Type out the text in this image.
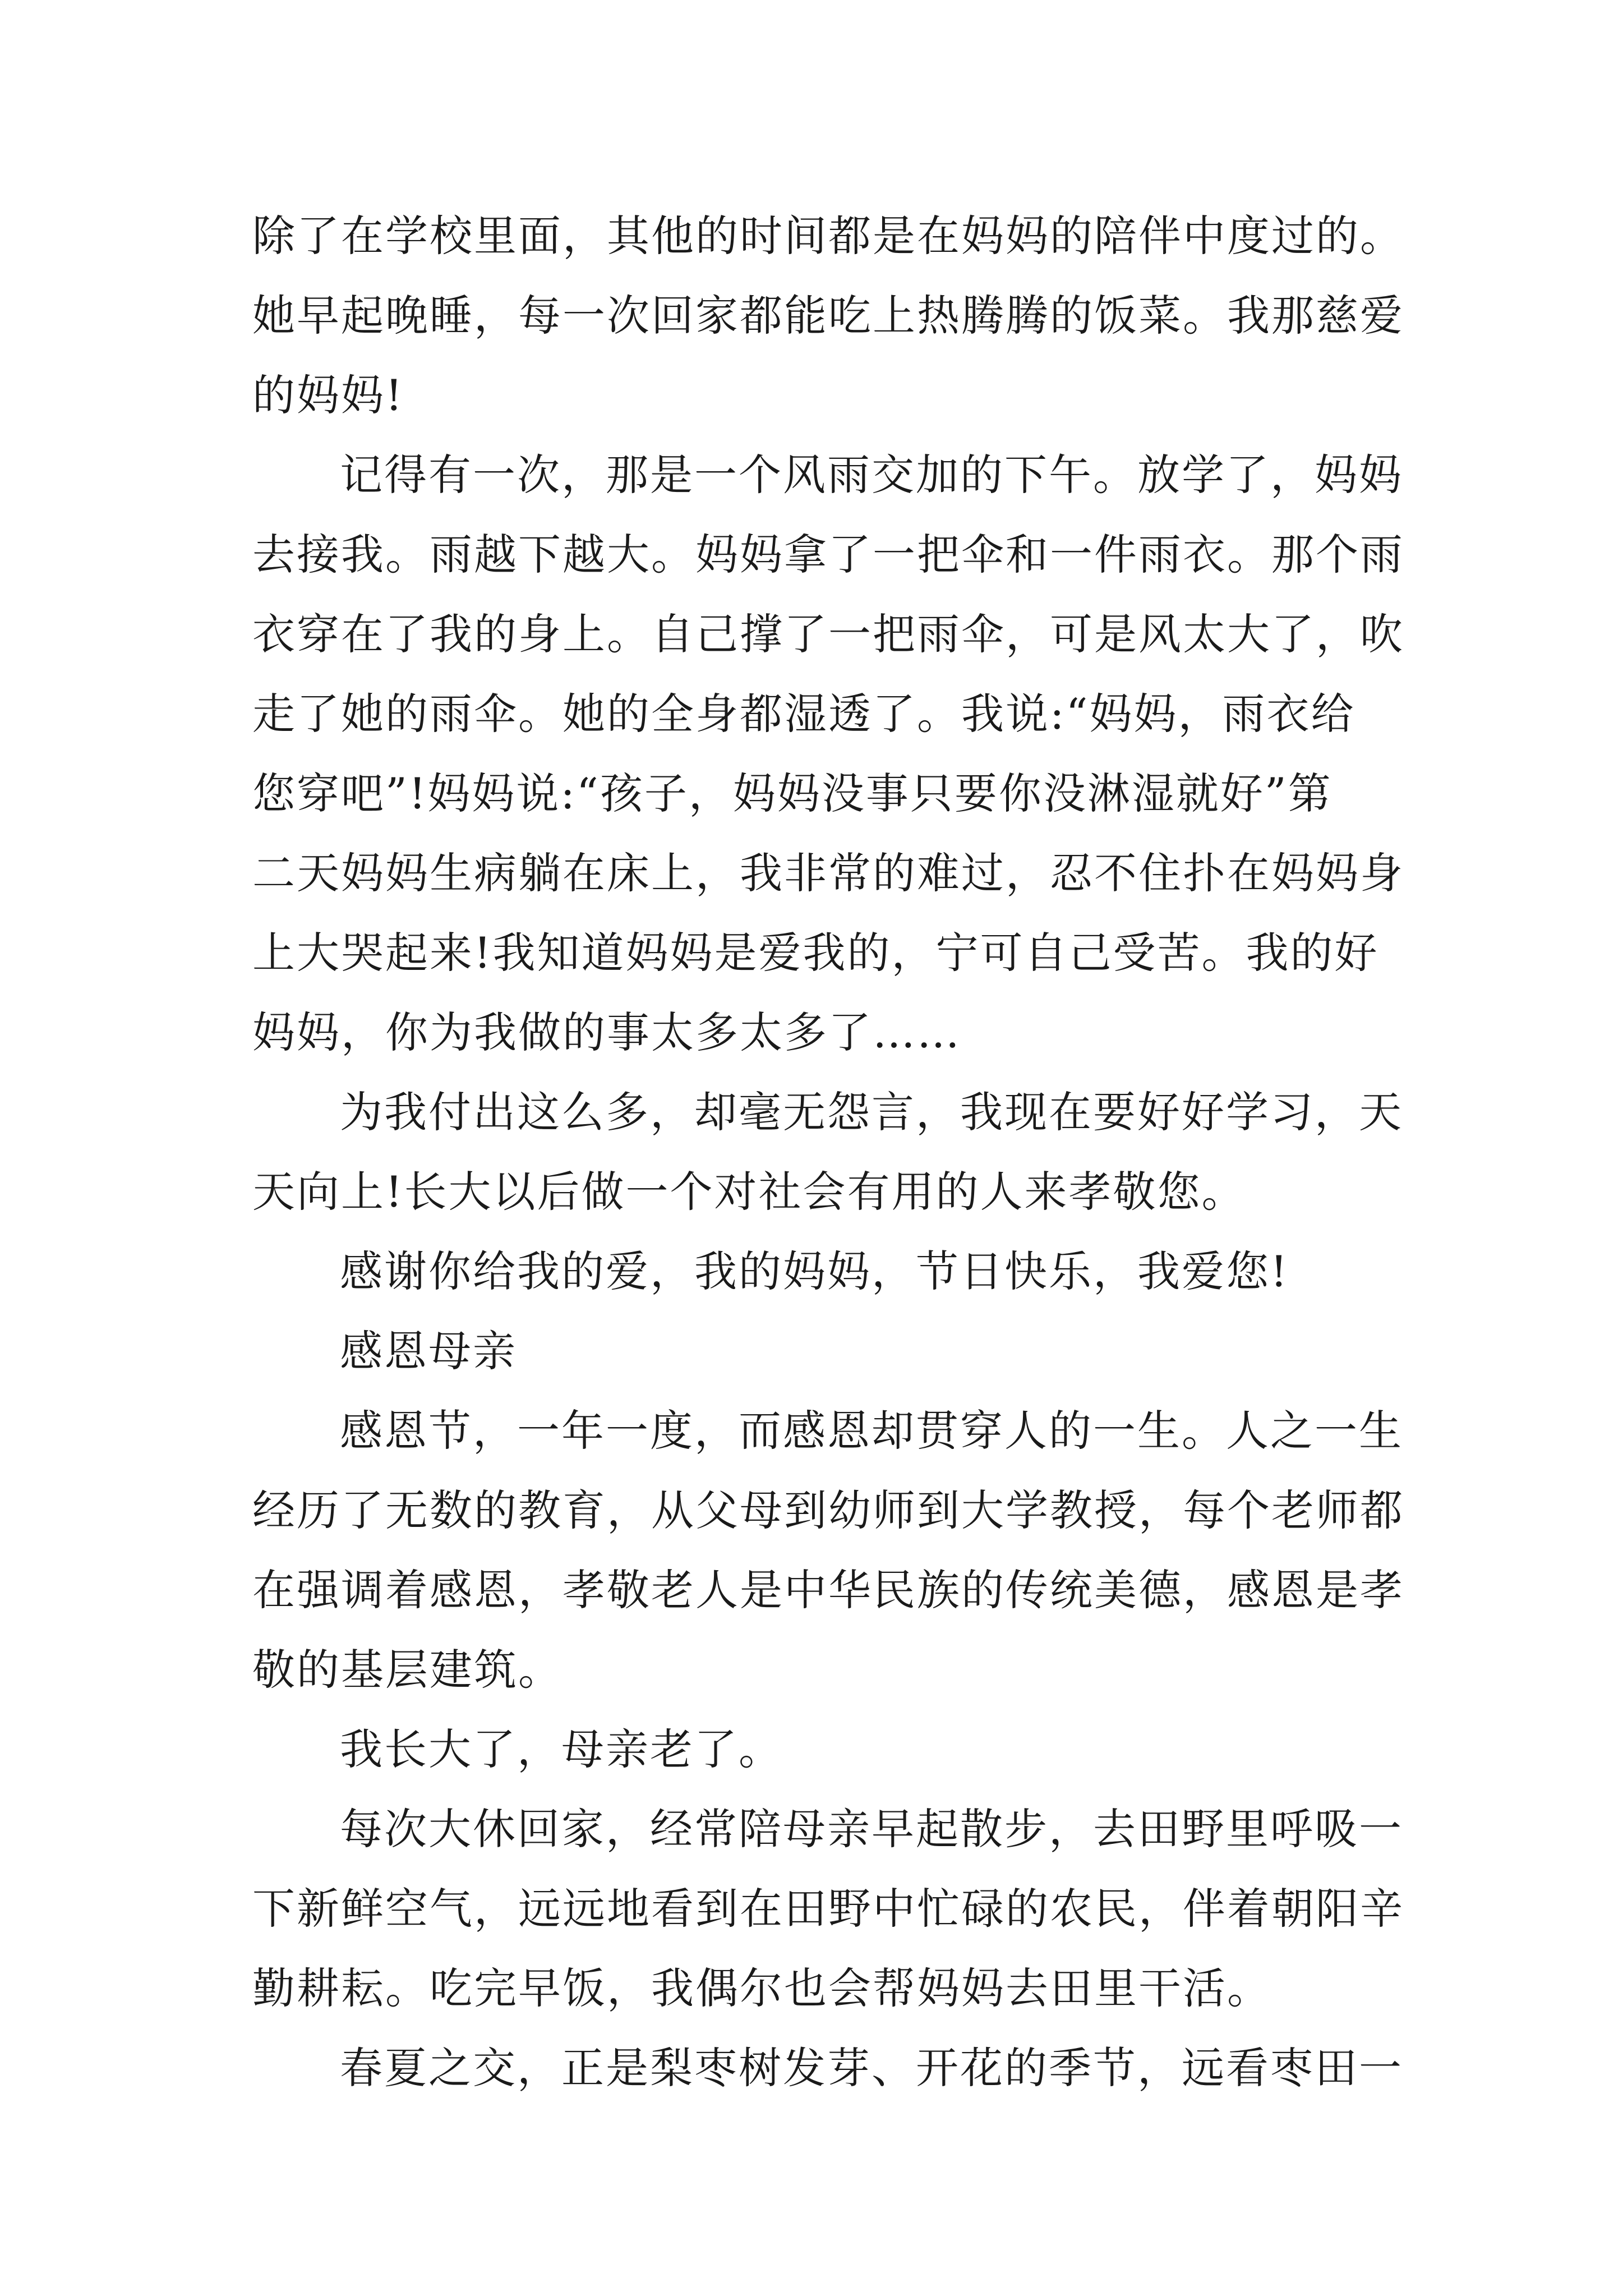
除了在学校里面，其他的时间都是在妈妈的陪伴中度过的。
她早起晚睡，每一次回家都能吃上热腾腾的饭菜。我那慈爱
的妈妈!
记得有一次，那是一个风雨交加的下午。放学了，妈妈
去接我。雨越下越大。妈妈拿了一把伞和一件雨衣。那个雨
衣穿在了我的身上。自己撑了一把雨伞，可是风太大了，吹
走了她的雨伞。她的全身都湿透了。我说:“妈妈，雨衣给
您穿吧”!妈妈说:“孩子，妈妈没事只要你没淋湿就好”第
二天妈妈生病躺在床上，我非常的难过，忍不住扑在妈妈身
上大哭起来!我知道妈妈是爱我的，宁可自己受苦。我的好
妈妈，你为我做的事太多太多了……
为我付出这么多，却毫无怨言，我现在要好好学习，天
天向上!长大以后做一个对社会有用的人来孝敬您。
感谢你给我的爱，我的妈妈，节日快乐，我爱您!
感恩母亲
感恩节，一年一度，而感恩却贯穿人的一生。人之一生
经历了无数的教育，从父母到幼师到大学教授，每个老师都
在强调着感恩，孝敬老人是中华民族的传统美德，感恩是孝
敬的基层建筑。
我长大了，母亲老了。
每次大休回家，经常陪母亲早起散步，去田野里呼吸一
下新鲜空气，远远地看到在田野中忙碌的农民，伴着朝阳辛
勤耕耘。吃完早饭，我偶尔也会帮妈妈去田里干活。
春夏之交，正是梨枣树发芽、开花的季节，远看枣田一
